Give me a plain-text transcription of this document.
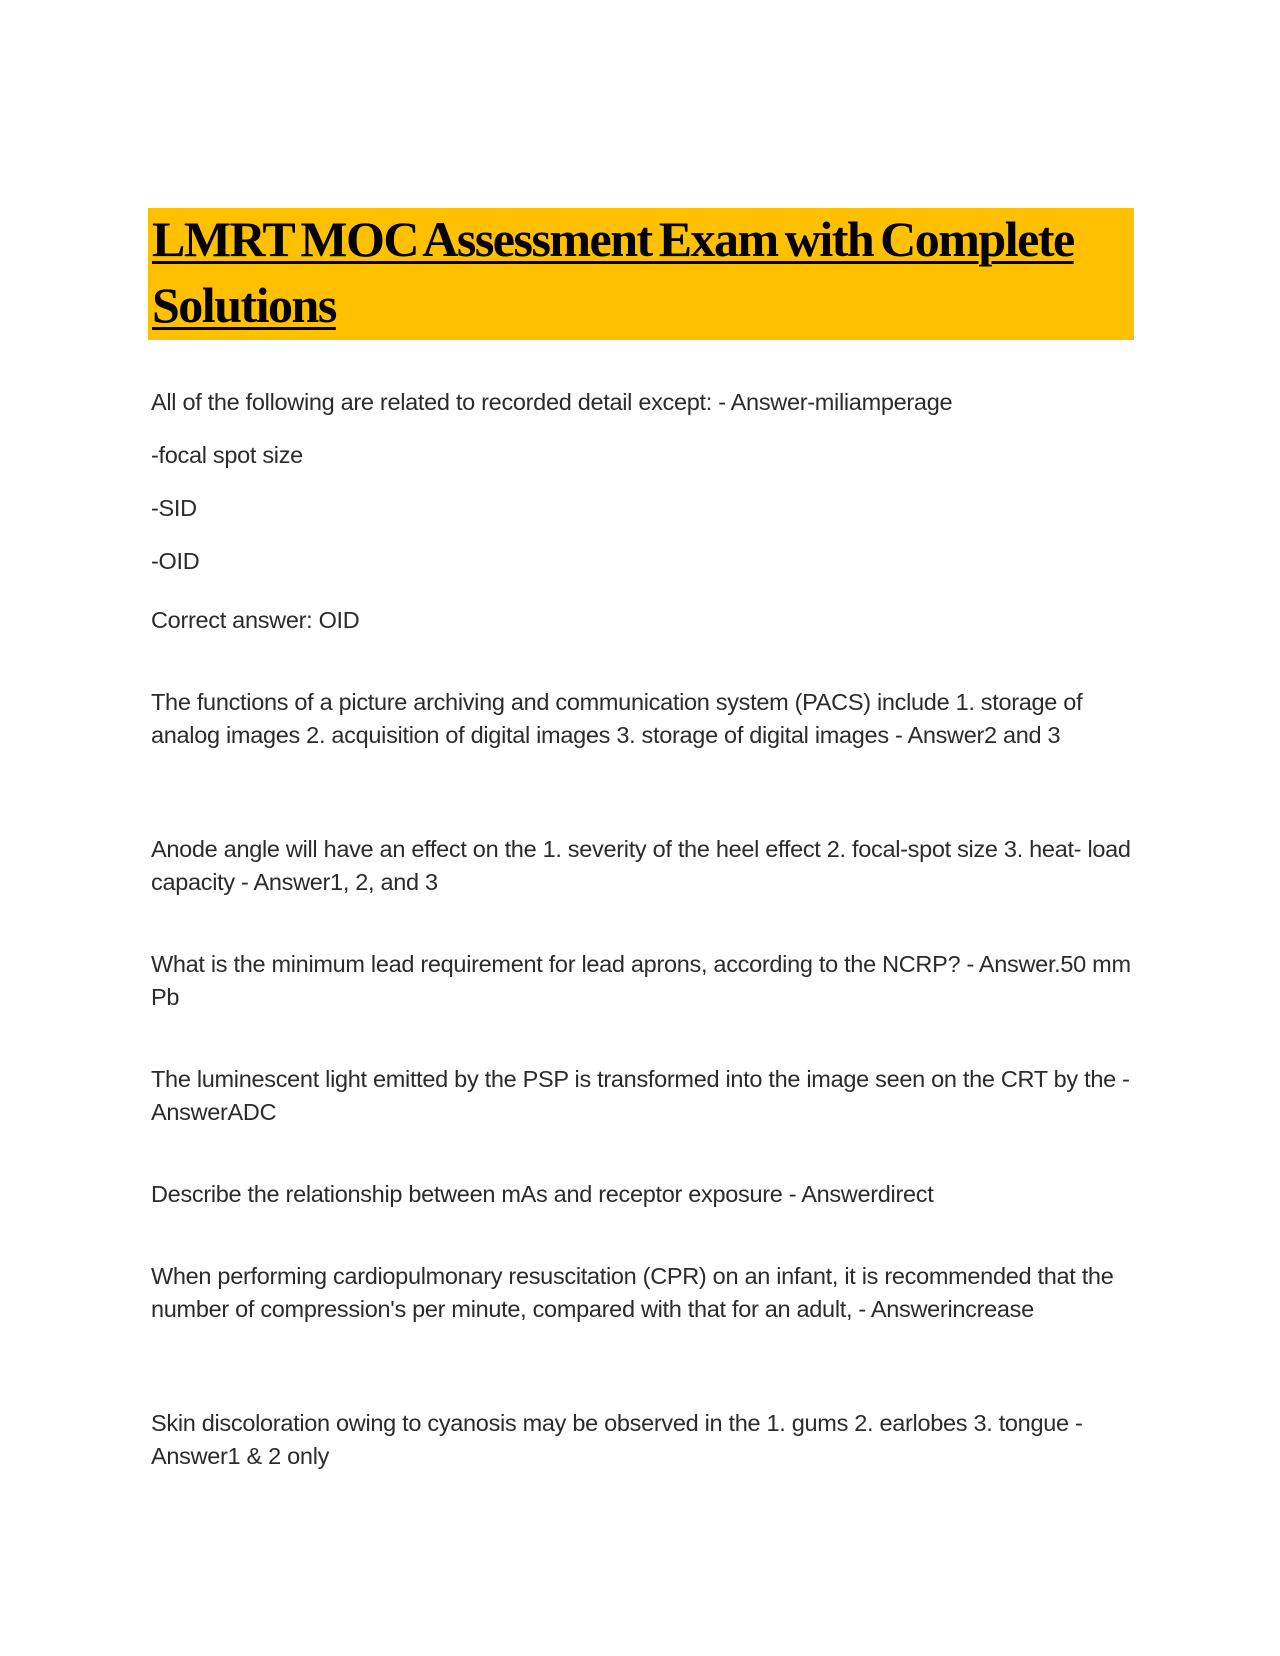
LMRT MOC Assessment Exam with Complete Solutions

All of the following are related to recorded detail except: - Answer-miliamperage

-focal spot size

-SID

-OID

Correct answer: OID

The functions of a picture archiving and communication system (PACS) include 1. storage of analog images 2. acquisition of digital images 3. storage of digital images - Answer2 and 3

Anode angle will have an effect on the 1. severity of the heel effect 2. focal-spot size 3. heat- load capacity - Answer1, 2, and 3

What is the minimum lead requirement for lead aprons, according to the NCRP? - Answer.50 mm Pb

The luminescent light emitted by the PSP is transformed into the image seen on the CRT by the - AnswerADC

Describe the relationship between mAs and receptor exposure - Answerdirect

When performing cardiopulmonary resuscitation (CPR) on an infant, it is recommended that the number of compression's per minute, compared with that for an adult, - Answerincrease

Skin discoloration owing to cyanosis may be observed in the 1. gums 2. earlobes 3. tongue - Answer1 & 2 only
